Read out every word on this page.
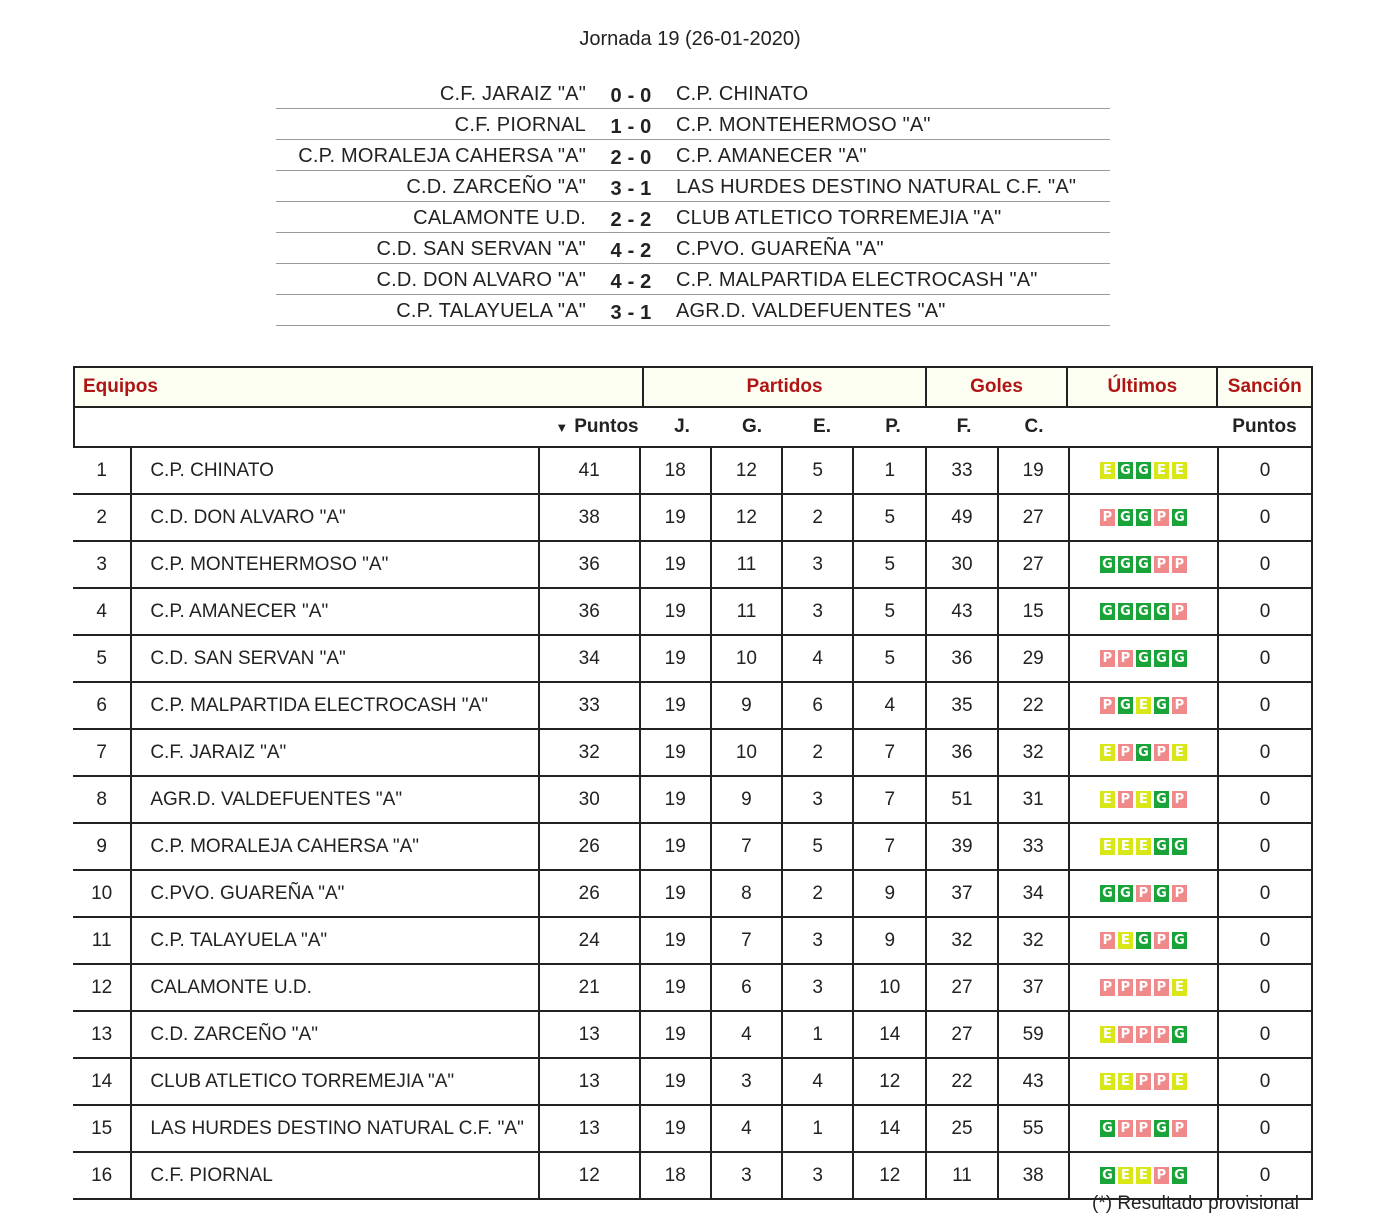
Jornada 19 (26-01-2020)
C.F. JARAIZ "A"	0 - 0	C.P. CHINATO
C.F. PIORNAL	1 - 0	C.P. MONTEHERMOSO "A"
C.P. MORALEJA CAHERSA "A"	2 - 0	C.P. AMANECER "A"
C.D. ZARCEÑO "A"	3 - 1	LAS HURDES DESTINO NATURAL C.F. "A"
CALAMONTE U.D.	2 - 2	CLUB ATLETICO TORREMEJIA "A"
C.D. SAN SERVAN "A"	4 - 2	C.PVO. GUAREÑA "A"
C.D. DON ALVARO "A"	4 - 2	C.P. MALPARTIDA ELECTROCASH "A"
C.P. TALAYUELA "A"	3 - 1	AGR.D. VALDEFUENTES "A"
Equipos	Partidos	Goles	Últimos	Sanción
▼ Puntos	J.	G.	E.	P.	F.	C.	Puntos
1	C.P. CHINATO	41	18	12	5	1	33	19	E G G E E	0
2	C.D. DON ALVARO "A"	38	19	12	2	5	49	27	P G G P G	0
3	C.P. MONTEHERMOSO "A"	36	19	11	3	5	30	27	G G G P P	0
4	C.P. AMANECER "A"	36	19	11	3	5	43	15	G G G G P	0
5	C.D. SAN SERVAN "A"	34	19	10	4	5	36	29	P P G G G	0
6	C.P. MALPARTIDA ELECTROCASH "A"	33	19	9	6	4	35	22	P G E G P	0
7	C.F. JARAIZ "A"	32	19	10	2	7	36	32	E P G P E	0
8	AGR.D. VALDEFUENTES "A"	30	19	9	3	7	51	31	E P E G P	0
9	C.P. MORALEJA CAHERSA "A"	26	19	7	5	7	39	33	E E E G G	0
10	C.PVO. GUAREÑA "A"	26	19	8	2	9	37	34	G G P G P	0
11	C.P. TALAYUELA "A"	24	19	7	3	9	32	32	P E G P G	0
12	CALAMONTE U.D.	21	19	6	3	10	27	37	P P P P E	0
13	C.D. ZARCEÑO "A"	13	19	4	1	14	27	59	E P P P G	0
14	CLUB ATLETICO TORREMEJIA "A"	13	19	3	4	12	22	43	E E P P E	0
15	LAS HURDES DESTINO NATURAL C.F. "A"	13	19	4	1	14	25	55	G P P G P	0
16	C.F. PIORNAL	12	18	3	3	12	11	38	G E E P G	0
(*) Resultado provisional
